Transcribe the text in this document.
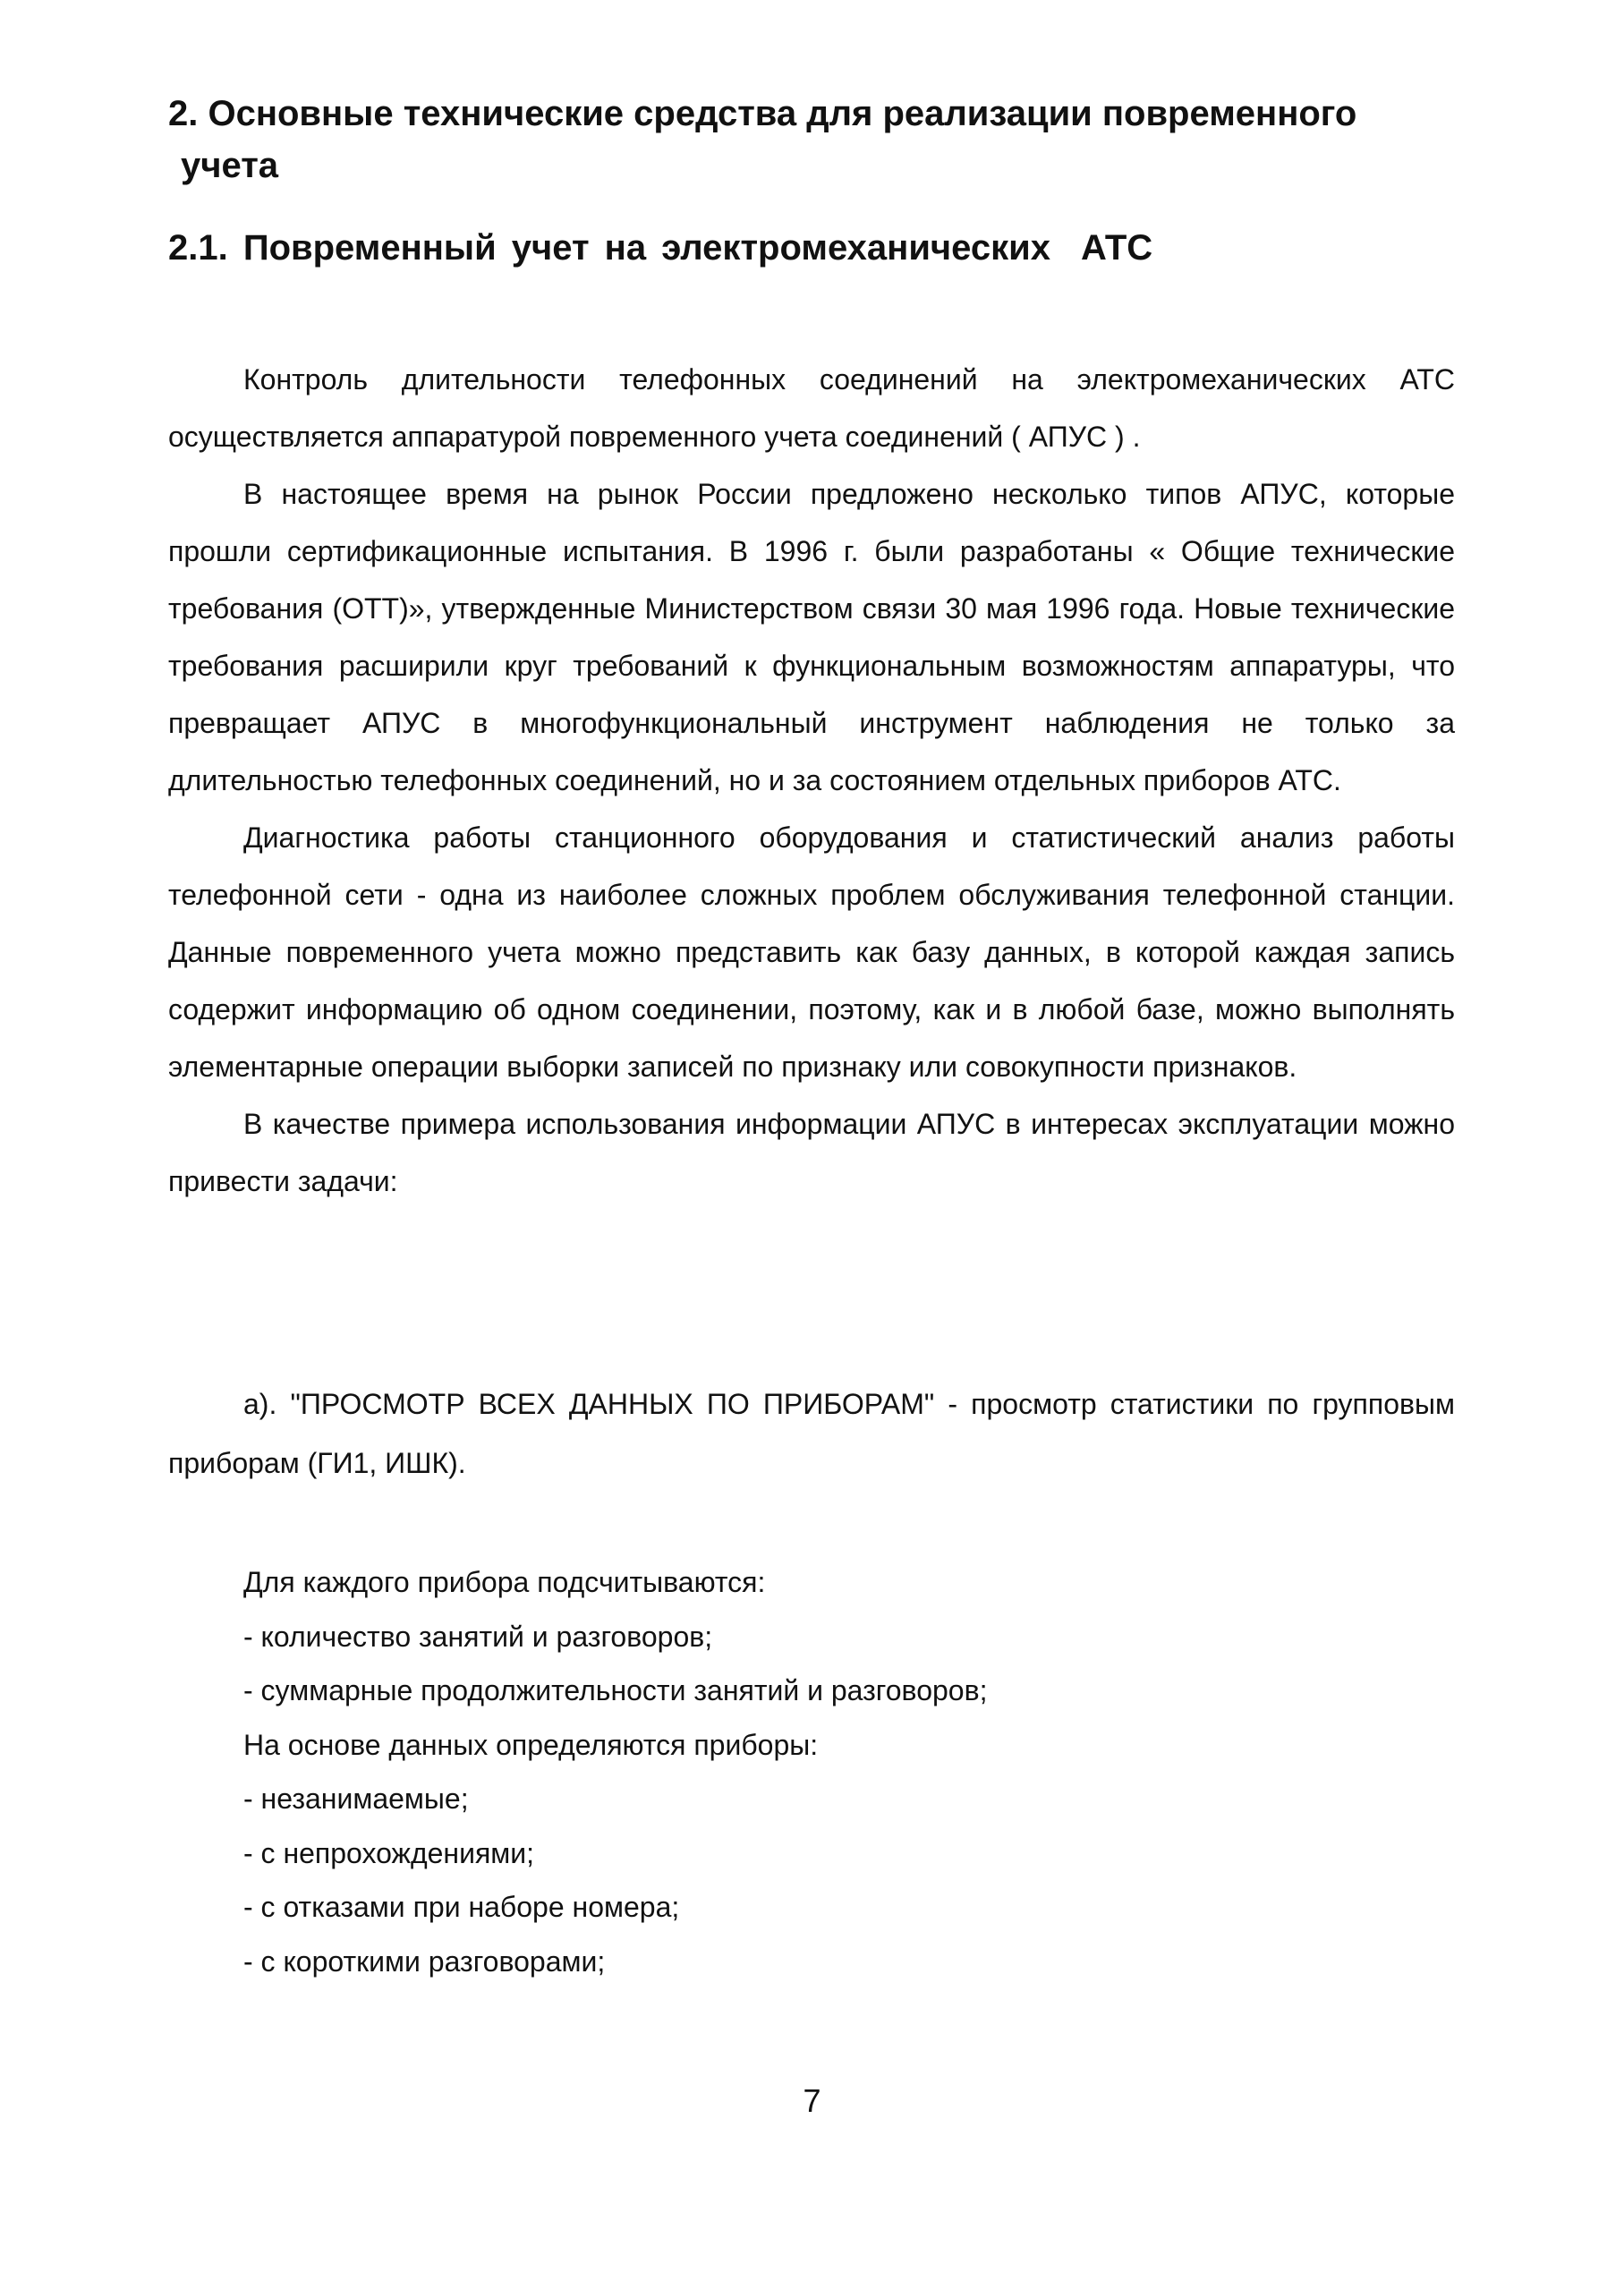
2. Основные технические средства для реализации повременного
учета
2.1. Повременный учет на электромеханических АТС

Контроль длительности телефонных соединений на электромеханических АТС осуществляется аппаратурой повременного учета соединений ( АПУС ) .

В настоящее время на рынок России предложено несколько типов АПУС, которые прошли сертификационные испытания. В 1996 г. были разработаны « Общие технические требования (ОТТ)», утвержденные Министерством связи 30 мая 1996 года. Новые технические требования расширили круг требований к функциональным возможностям аппаратуры, что превращает АПУС в многофункциональный инструмент наблюдения не только за длительностью телефонных соединений, но и за состоянием отдельных приборов АТС.

Диагностика работы станционного оборудования и статистический анализ работы телефонной сети - одна из наиболее сложных проблем обслуживания телефонной станции. Данные повременного учета можно представить как базу данных, в которой каждая запись содержит информацию об одном соединении, поэтому, как и в любой базе, можно выполнять элементарные операции выборки записей по признаку или совокупности признаков.

В качестве примера использования информации АПУС в интересах эксплуатации можно привести задачи:

а). "ПРОСМОТР ВСЕХ ДАННЫХ ПО ПРИБОРАМ" - просмотр статистики по групповым приборам (ГИ1, ИШК).

Для каждого прибора подсчитываются:
- количество занятий и разговоров;
- суммарные продолжительности занятий и разговоров;
На основе данных определяются приборы:
- незанимаемые;
- с непрохождениями;
- с отказами при наборе номера;
- с короткими разговорами;
7
